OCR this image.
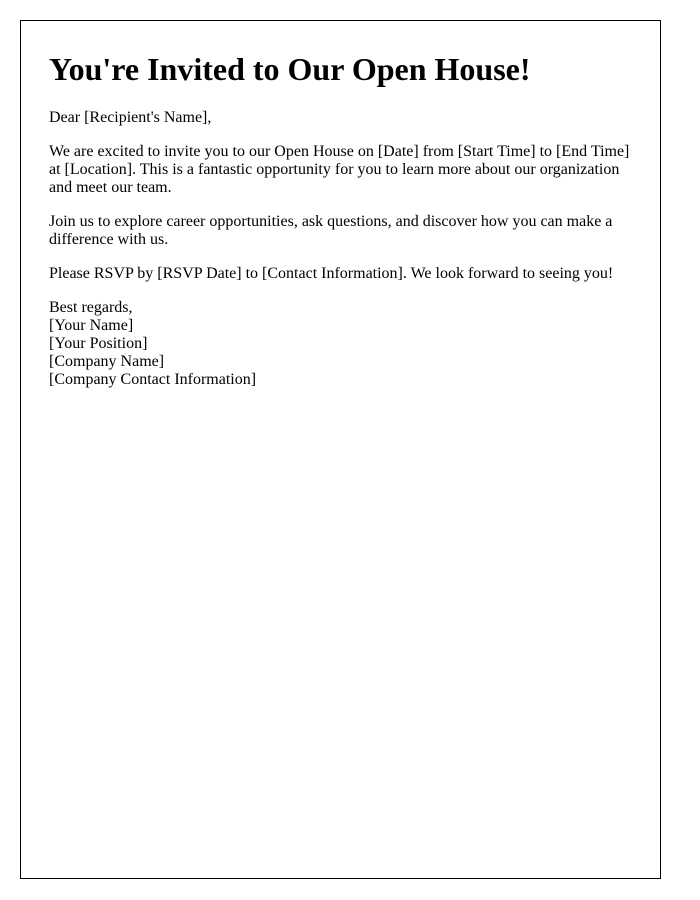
You're Invited to Our Open House!

Dear [Recipient's Name],

We are excited to invite you to our Open House on [Date] from [Start Time] to [End Time] at [Location]. This is a fantastic opportunity for you to learn more about our organization and meet our team.

Join us to explore career opportunities, ask questions, and discover how you can make a difference with us.

Please RSVP by [RSVP Date] to [Contact Information]. We look forward to seeing you!

Best regards,
[Your Name]
[Your Position]
[Company Name]
[Company Contact Information]
